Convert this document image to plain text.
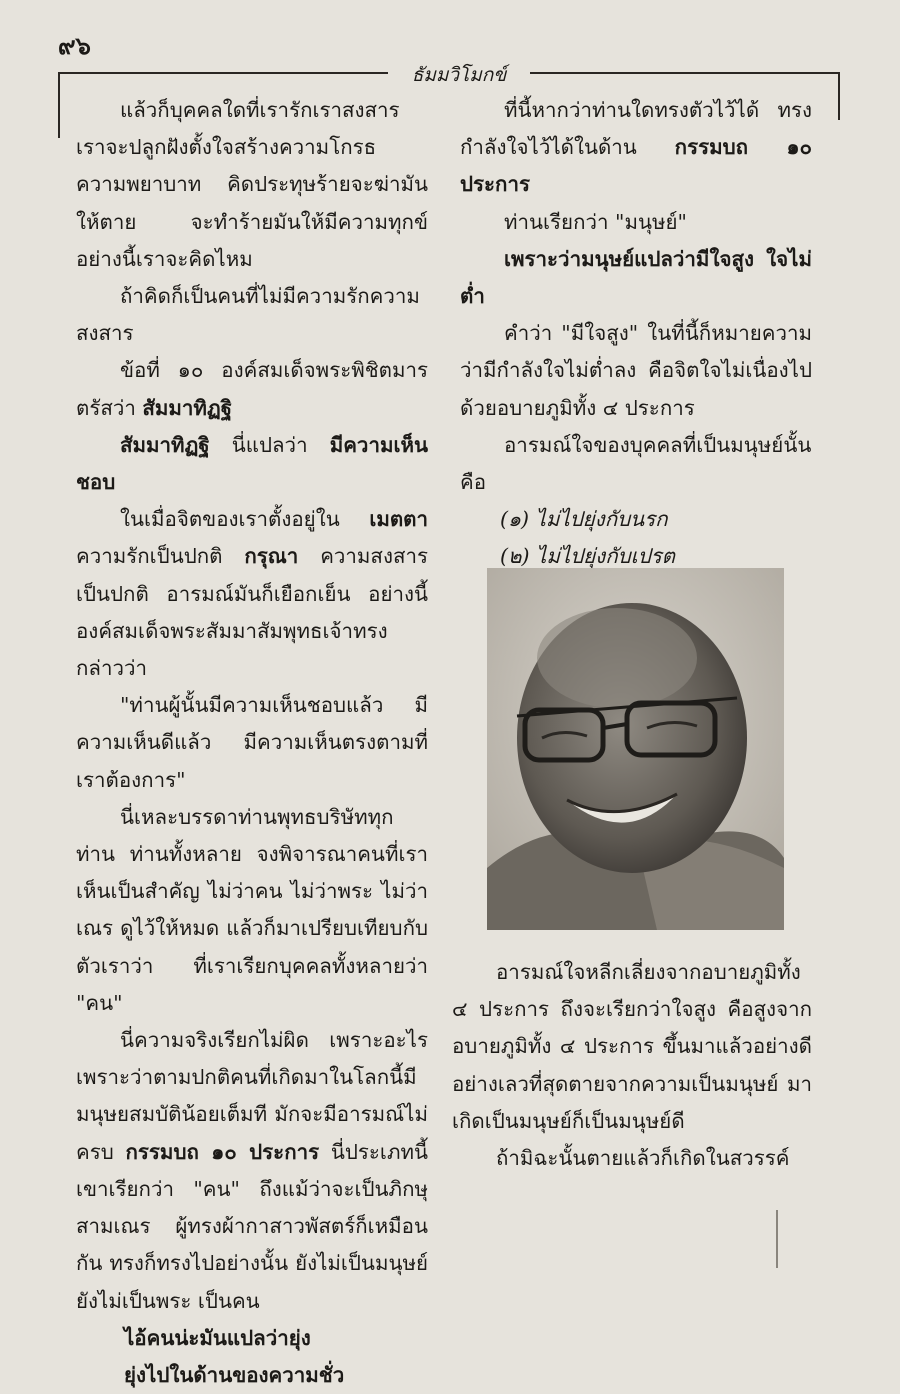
๙๖
ธัมมวิโมกข์

แล้วก็บุคคลใดที่เรารักเราสงสาร เราจะปลูกฝังตั้งใจสร้างความโกรธ ความพยาบาท คิดประทุษร้ายจะฆ่ามันให้ตาย จะทำร้ายมันให้มีความทุกข์ อย่างนี้เราจะคิดไหม

ถ้าคิดก็เป็นคนที่ไม่มีความรักความสงสาร

ข้อที่ ๑๐ องค์สมเด็จพระพิชิตมารตรัสว่า สัมมาทิฏฐิ

สัมมาทิฏฐิ นี่แปลว่า มีความเห็นชอบ

ในเมื่อจิตของเราตั้งอยู่ใน เมตตา ความรักเป็นปกติ กรุณา ความสงสารเป็นปกติ อารมณ์มันก็เยือกเย็น อย่างนี้องค์สมเด็จพระสัมมาสัมพุทธเจ้าทรงกล่าวว่า

"ท่านผู้นั้นมีความเห็นชอบแล้ว มีความเห็นดีแล้ว มีความเห็นตรงตามที่เราต้องการ"

นี่เหละบรรดาท่านพุทธบริษัททุกท่าน ท่านทั้งหลาย จงพิจารณาคนที่เราเห็นเป็นสำคัญ ไม่ว่าคน ไม่ว่าพระ ไม่ว่าเณร ดูไว้ให้หมด แล้วก็มาเปรียบเทียบกับตัวเราว่า ที่เราเรียกบุคคลทั้งหลายว่า "คน"

นี่ความจริงเรียกไม่ผิด เพราะอะไร เพราะว่าตามปกติคนที่เกิดมาในโลกนี้มีมนุษยสมบัติน้อยเต็มที มักจะมีอารมณ์ไม่ครบ กรรมบถ ๑๐ ประการ นี่ประเภทนี้เขาเรียกว่า "คน" ถึงแม้ว่าจะเป็นภิกษุ สามเณร ผู้ทรงผ้ากาสาวพัสตร์ก็เหมือนกัน ทรงก็ทรงไปอย่างนั้น ยังไม่เป็นมนุษย์ ยังไม่เป็นพระ เป็นคน

ไอ้คนน่ะมันแปลว่ายุ่ง

ยุ่งไปในด้านของความชั่ว

ที่นี้หากว่าท่านใดทรงตัวไว้ได้ ทรงกำลังใจไว้ได้ในด้าน กรรมบถ ๑๐ ประการ

ท่านเรียกว่า "มนุษย์"

เพราะว่ามนุษย์แปลว่ามีใจสูง ใจไม่ต่ำ

คำว่า "มีใจสูง" ในที่นี้ก็หมายความว่ามีกำลังใจไม่ต่ำลง คือจิตใจไม่เนื่องไปด้วยอบายภูมิทั้ง ๔ ประการ

อารมณ์ใจของบุคคลที่เป็นมนุษย์นั้นคือ

(๑) ไม่ไปยุ่งกับนรก

(๒) ไม่ไปยุ่งกับเปรต

อารมณ์ใจหลีกเลี่ยงจากอบายภูมิทั้ง ๔ ประการ ถึงจะเรียกว่าใจสูง คือสูงจากอบายภูมิทั้ง ๔ ประการ ขึ้นมาแล้วอย่างดี อย่างเลวที่สุดตายจากความเป็นมนุษย์ มาเกิดเป็นมนุษย์ก็เป็นมนุษย์ดี

ถ้ามิฉะนั้นตายแล้วก็เกิดในสวรรค์
